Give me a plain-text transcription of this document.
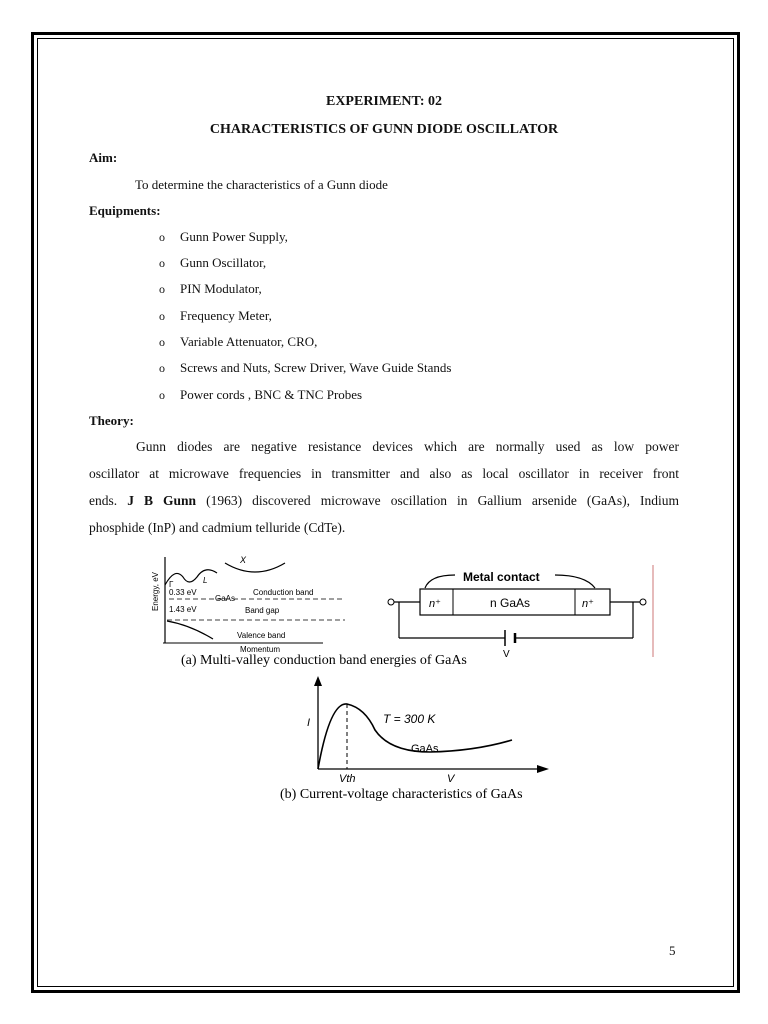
EXPERIMENT: 02
CHARACTERISTICS OF GUNN DIODE OSCILLATOR
Aim:
To determine the characteristics of a Gunn diode
Equipments:
o Gunn Power Supply,
o Gunn Oscillator,
o PIN Modulator,
o Frequency Meter,
o Variable Attenuator, CRO,
o Screws and Nuts, Screw Driver, Wave Guide Stands
o Power cords , BNC & TNC Probes
Theory:
Gunn diodes are negative resistance devices which are normally used as low power
oscillator at microwave frequencies in transmitter and also as local oscillator in receiver front
ends. J B Gunn (1963) discovered microwave oscillation in Gallium arsenide (GaAs), Indium
phosphide (InP) and cadmium telluride (CdTe).
Energy, eV
Momentum
X
Γ	L
0.33 eV
GaAs
Conduction band
1.43 eV	Band gap
Valence band
Metal contact
n⁺	n GaAs	n⁺
V
(a) Multi-valley conduction band energies of GaAs
I
Vth
T = 300 K
GaAs
V
(b) Current-voltage characteristics of GaAs
5
